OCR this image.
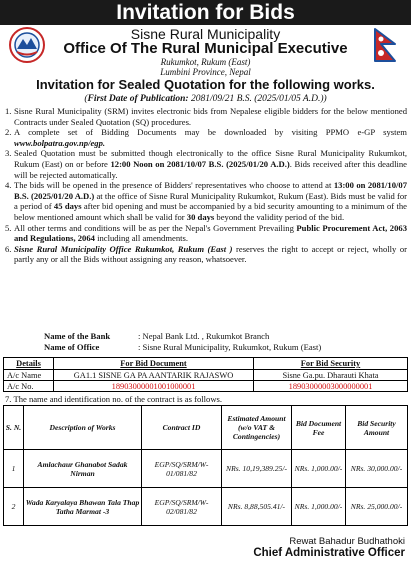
Invitation for Bids
Sisne Rural Municipality
Office Of The Rural Municipal Executive
Rukumkot, Rukum (East)
Lumbini Province, Nepal
Invitation for Sealed Quotation for the following works.
(First Date of Publication: 2081/09/21 B.S. (2025/01/05 A.D.))
1. Sisne Rural Municipality (SRM) invites electronic bids from Nepalese eligible bidders for the below mentioned Contracts under Sealed Quotation (SQ) procedures.
2. A complete set of Bidding Documents may be downloaded by visiting PPMO e-GP system www.bolpatra.gov.np/egp.
3. Sealed Quotation must be submitted though electronically to the office Sisne Rural Municipality Rukumkot, Rukum (East) on or before 12:00 Noon on 2081/10/07 B.S. (2025/01/20 A.D.). Bids received after this deadline will be rejected automatically.
4. The bids will be opened in the presence of Bidders' representatives who choose to attend at 13:00 on 2081/10/07 B.S. (2025/01/20 A.D.) at the office of Sisne Rural Municipality Rukumkot, Rukum (East). Bids must be valid for a period of 45 days after bid opening and must be accompanied by a bid security amounting to a minimum of the below mentioned amount which shall be valid for 30 days beyond the validity period of the bid.
5. All other terms and conditions will be as per the Nepal's Government Prevailing Public Procurement Act, 2063 and Regulations, 2064 including all amendments.
6. Sisne Rural Municipality Office Rukumkot, Rukum (East ) reserves the right to accept or reject, wholly or partly any or all the Bids without assigning any reason, whatsoever.
Name of the Bank	: Nepal Bank Ltd. , Rukumkot Branch
Name of Office	: Sisne Rural Municipality, Rukumkot, Rukum (East)
Details	For Bid Document	For Bid Security
A/c Name	GA1.1 SISNE GA PA AANTARIK RAJASWO	Sisne Ga.pu. Dharauti Khata
A/c No.	18903000001001000001	18903000003000000001
7. The name and identification no. of the contract is as follows.
S. N.	Description of Works	Contract ID	Estimated Amount (w/o VAT & Contingencies)	Bid Document Fee	Bid Security Amount
1	Amlachaur Ghanabot Sadak Nirman	EGP/SQ/SRM/W-01/081/82	NRs. 10,19,389.25/-	NRs. 1,000.00/-	NRs. 30,000.00/-
2	Wada Karyalaya Bhawan Tala Thap Tatha Marmat -3	EGP/SQ/SRM/W-02/081/82	NRs. 8,88,505.41/-	NRs. 1,000.00/-	NRs. 25,000.00/-
Rewat Bahadur Budhathoki
Chief Administrative Officer
